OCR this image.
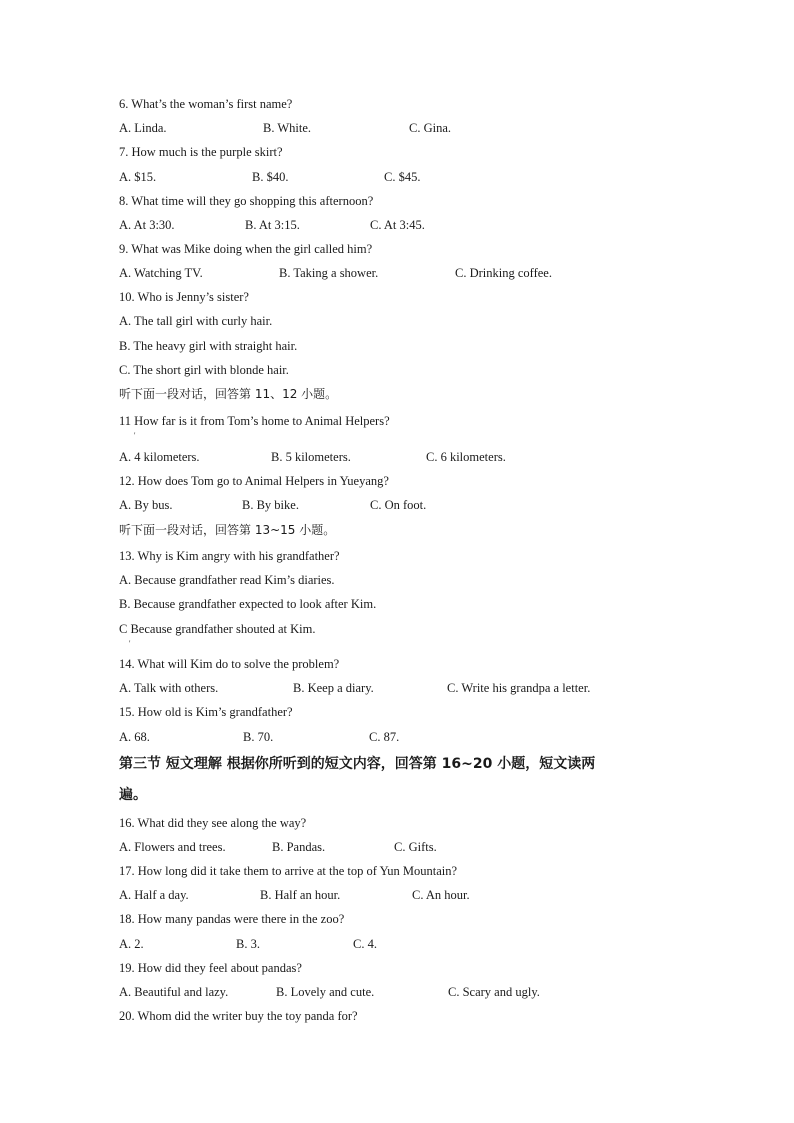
6. What’s the woman’s first name?
A. Linda.	B. White.	C. Gina.
7. How much is the purple skirt?
A. $15.	B. $40.	C. $45.
8. What time will they go shopping this afternoon?
A. At 3:30.	B. At 3:15.	C. At 3:45.
9. What was Mike doing when the girl called him?
A. Watching TV.	B. Taking a shower.	C. Drinking coffee.
10. Who is Jenny’s sister?
A. The tall girl with curly hair.
B. The heavy girl with straight hair.
C. The short girl with blonde hair.
听下面一段对话，回答第 11、12 小题。
11 How far is it from Tom’s home to Animal Helpers?
'
A. 4 kilometers.	B. 5 kilometers.	C. 6 kilometers.
12. How does Tom go to Animal Helpers in Yueyang?
A. By bus.	B. By bike.	C. On foot.
听下面一段对话，回答第 13~15 小题。
13. Why is Kim angry with his grandfather?
A. Because grandfather read Kim’s diaries.
B. Because grandfather expected to look after Kim.
C Because grandfather shouted at Kim.
'
14. What will Kim do to solve the problem?
A. Talk with others.	B. Keep a diary.	C. Write his grandpa a letter.
15. How old is Kim’s grandfather?
A. 68.	B. 70.	C. 87.
第三节 短文理解 根据你所听到的短文内容，回答第 16~20 小题，短文读两
遍。
16. What did they see along the way?
A. Flowers and trees.	B. Pandas.	C. Gifts.
17. How long did it take them to arrive at the top of Yun Mountain?
A. Half a day.	B. Half an hour.	C. An hour.
18. How many pandas were there in the zoo?
A. 2.	B. 3.	C. 4.
19. How did they feel about pandas?
A. Beautiful and lazy.	B. Lovely and cute.	C. Scary and ugly.
20. Whom did the writer buy the toy panda for?
